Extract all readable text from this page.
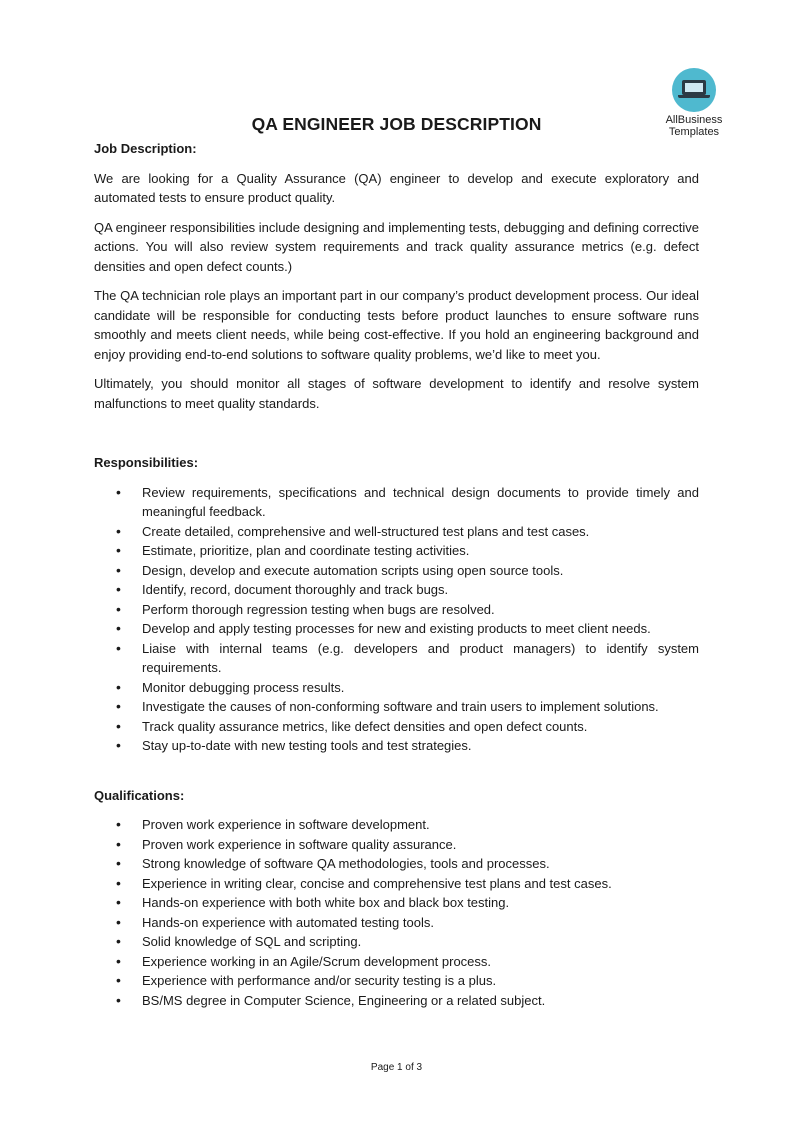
AllBusiness
Templates
QA ENGINEER JOB DESCRIPTION

Job Description:

We are looking for a Quality Assurance (QA) engineer to develop and execute exploratory and automated tests to ensure product quality.

QA engineer responsibilities include designing and implementing tests, debugging and defining corrective actions. You will also review system requirements and track quality assurance metrics (e.g. defect densities and open defect counts.)

The QA technician role plays an important part in our company’s product development process. Our ideal candidate will be responsible for conducting tests before product launches to ensure software runs smoothly and meets client needs, while being cost-effective. If you hold an engineering background and enjoy providing end-to-end solutions to software quality problems, we’d like to meet you.

Ultimately, you should monitor all stages of software development to identify and resolve system malfunctions to meet quality standards.

Responsibilities:

• Review requirements, specifications and technical design documents to provide timely and meaningful feedback.
• Create detailed, comprehensive and well-structured test plans and test cases.
• Estimate, prioritize, plan and coordinate testing activities.
• Design, develop and execute automation scripts using open source tools.
• Identify, record, document thoroughly and track bugs.
• Perform thorough regression testing when bugs are resolved.
• Develop and apply testing processes for new and existing products to meet client needs.
• Liaise with internal teams (e.g. developers and product managers) to identify system requirements.
• Monitor debugging process results.
• Investigate the causes of non-conforming software and train users to implement solutions.
• Track quality assurance metrics, like defect densities and open defect counts.
• Stay up-to-date with new testing tools and test strategies.

Qualifications:

• Proven work experience in software development.
• Proven work experience in software quality assurance.
• Strong knowledge of software QA methodologies, tools and processes.
• Experience in writing clear, concise and comprehensive test plans and test cases.
• Hands-on experience with both white box and black box testing.
• Hands-on experience with automated testing tools.
• Solid knowledge of SQL and scripting.
• Experience working in an Agile/Scrum development process.
• Experience with performance and/or security testing is a plus.
• BS/MS degree in Computer Science, Engineering or a related subject.
Page 1 of 3
